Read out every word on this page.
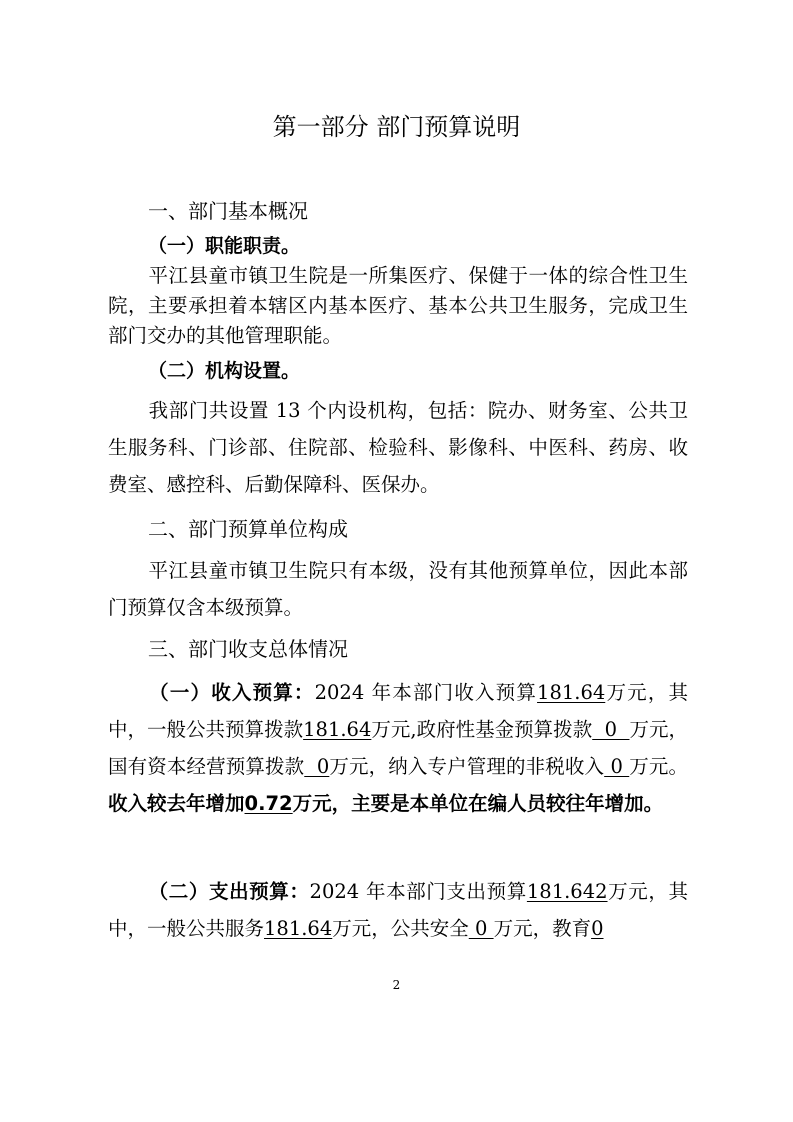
第一部分 部门预算说明
一、部门基本概况
（一）职能职责。
平江县童市镇卫生院是一所集医疗、保健于一体的综合性卫生院，主要承担着本辖区内基本医疗、基本公共卫生服务，完成卫生部门交办的其他管理职能。
（二）机构设置。
我部门共设置 13 个内设机构，包括：院办、财务室、公共卫生服务科、门诊部、住院部、检验科、影像科、中医科、药房、收费室、感控科、后勤保障科、医保办。
二、部门预算单位构成
平江县童市镇卫生院只有本级，没有其他预算单位，因此本部门预算仅含本级预算。
三、部门收支总体情况
（一）收入预算：2024 年本部门收入预算181.64万元，其中，一般公共预算拨款181.64万元,政府性基金预算拨款  0  万元，国有资本经营预算拨款  0万元，纳入专户管理的非税收入 0 万元。收入较去年增加0.72万元，主要是本单位在编人员较往年增加。
（二）支出预算：2024 年本部门支出预算181.642万元，其中，一般公共服务181.64万元，公共安全 0 万元，教育0
2
